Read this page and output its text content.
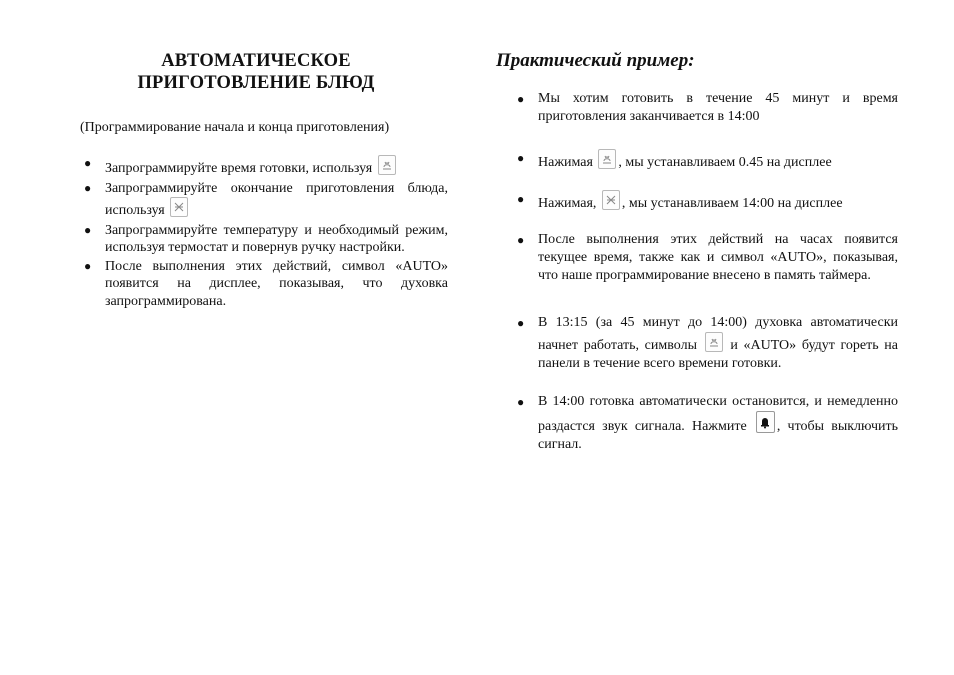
АВТОМАТИЧЕСКОЕ
ПРИГОТОВЛЕНИЕ БЛЮД
(Программирование начала и конца приготовления)
● Запрограммируйте время готовки, используя
● Запрограммируйте окончание приготовления блюда, используя
● Запрограммируйте температуру и необходимый режим, используя термостат и повернув ручку настройки.
● После выполнения этих действий, символ «AUTO» появится на дисплее, показывая, что духовка запрограммирована.
Практический пример:
● Мы хотим готовить в течение 45 минут и время приготовления заканчивается в 14:00
● Нажимая
, мы устанавливаем 0.45 на дисплее
● Нажимая,
, мы устанавливаем 14:00 на дисплее
● После выполнения этих действий на часах появится текущее время, также как и символ «AUTO», показывая, что наше программирование внесено в память таймера.
● В 13:15 (за 45 минут до 14:00) духовка автоматически начнет работать, символы
и «AUTO» будут гореть на панели в течение всего времени готовки.
● В 14:00 готовка автоматически остановится, и немедленно раздастся звук сигнала. Нажмите
, чтобы выключить сигнал.
